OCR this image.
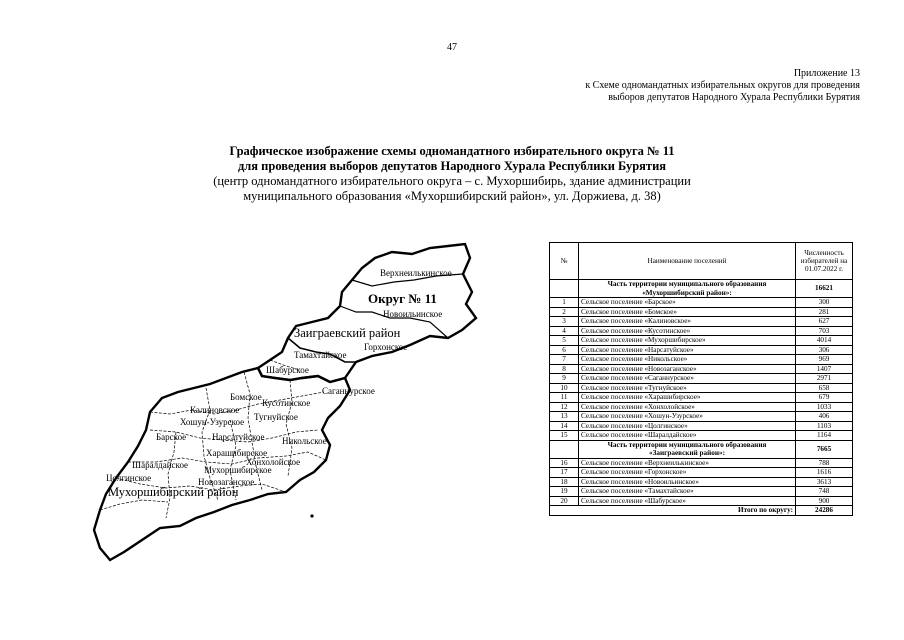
47
Приложение 13
к Схеме одномандатных избирательных округов для проведения
выборов депутатов Народного Хурала Республики Бурятия
Графическое изображение схемы одномандатного избирательного округа № 11
для проведения выборов депутатов Народного Хурала Республики Бурятия
(центр одномандатного избирательного округа – с. Мухоршибирь, здание администрации
муниципального образования «Мухоршибирский район», ул. Доржиева, д. 38)
Верхнеилькинское
Округ № 11
Новоильинское
Заиграевский район
Горхонское
Тамахтайское
Шабурское
Саганнурское
Бомское
Кусотинское
Калиновское
Тугнуйское
Хошун-Узурское
Барское	Нарсатуйское Никольское
Харашибирское
Хонхолойское
Шаралдайское Мухоршибирское
Новозаганское
Цолгинское
Мухоршибирский район
№	Наименование поселений	Численность избирателей на 01.07.2022 г.

	Часть территории муниципального образования
«Мухоршибирский район»:	16621
1	Сельское поселение «Барское»	300
2	Сельское поселение «Бомское»	281
3	Сельское поселение «Калиновское»	627
4	Сельское поселение «Кусотинское»	703
5	Сельское поселение «Мухоршибирское»	4014
6	Сельское поселение «Нарсатуйское»	306
7	Сельское поселение «Никольское»	969
8	Сельское поселение «Новозаганское»	1407
9	Сельское поселение «Саганнурское»	2971
10	Сельское поселение «Тугнуйское»	658
11	Сельское поселение «Харашибирское»	679
12	Сельское поселение «Хонхолойское»	1033
13	Сельское поселение «Хошун-Узурское»	406
14	Сельское поселение «Цолгинское»	1103
15	Сельское поселение «Шаралдайское»	1164

	Часть территории муниципального образования
«Заиграевский район»:	7665
16	Сельское поселение «Верхнеилькинское»	788
17	Сельское поселение «Горхонское»	1616
18	Сельское поселение «Новоильинское»	3613
19	Сельское поселение «Тамахтайское»	748
20	Сельское поселение «Шабурское»	900
Итого по округу:		24286
